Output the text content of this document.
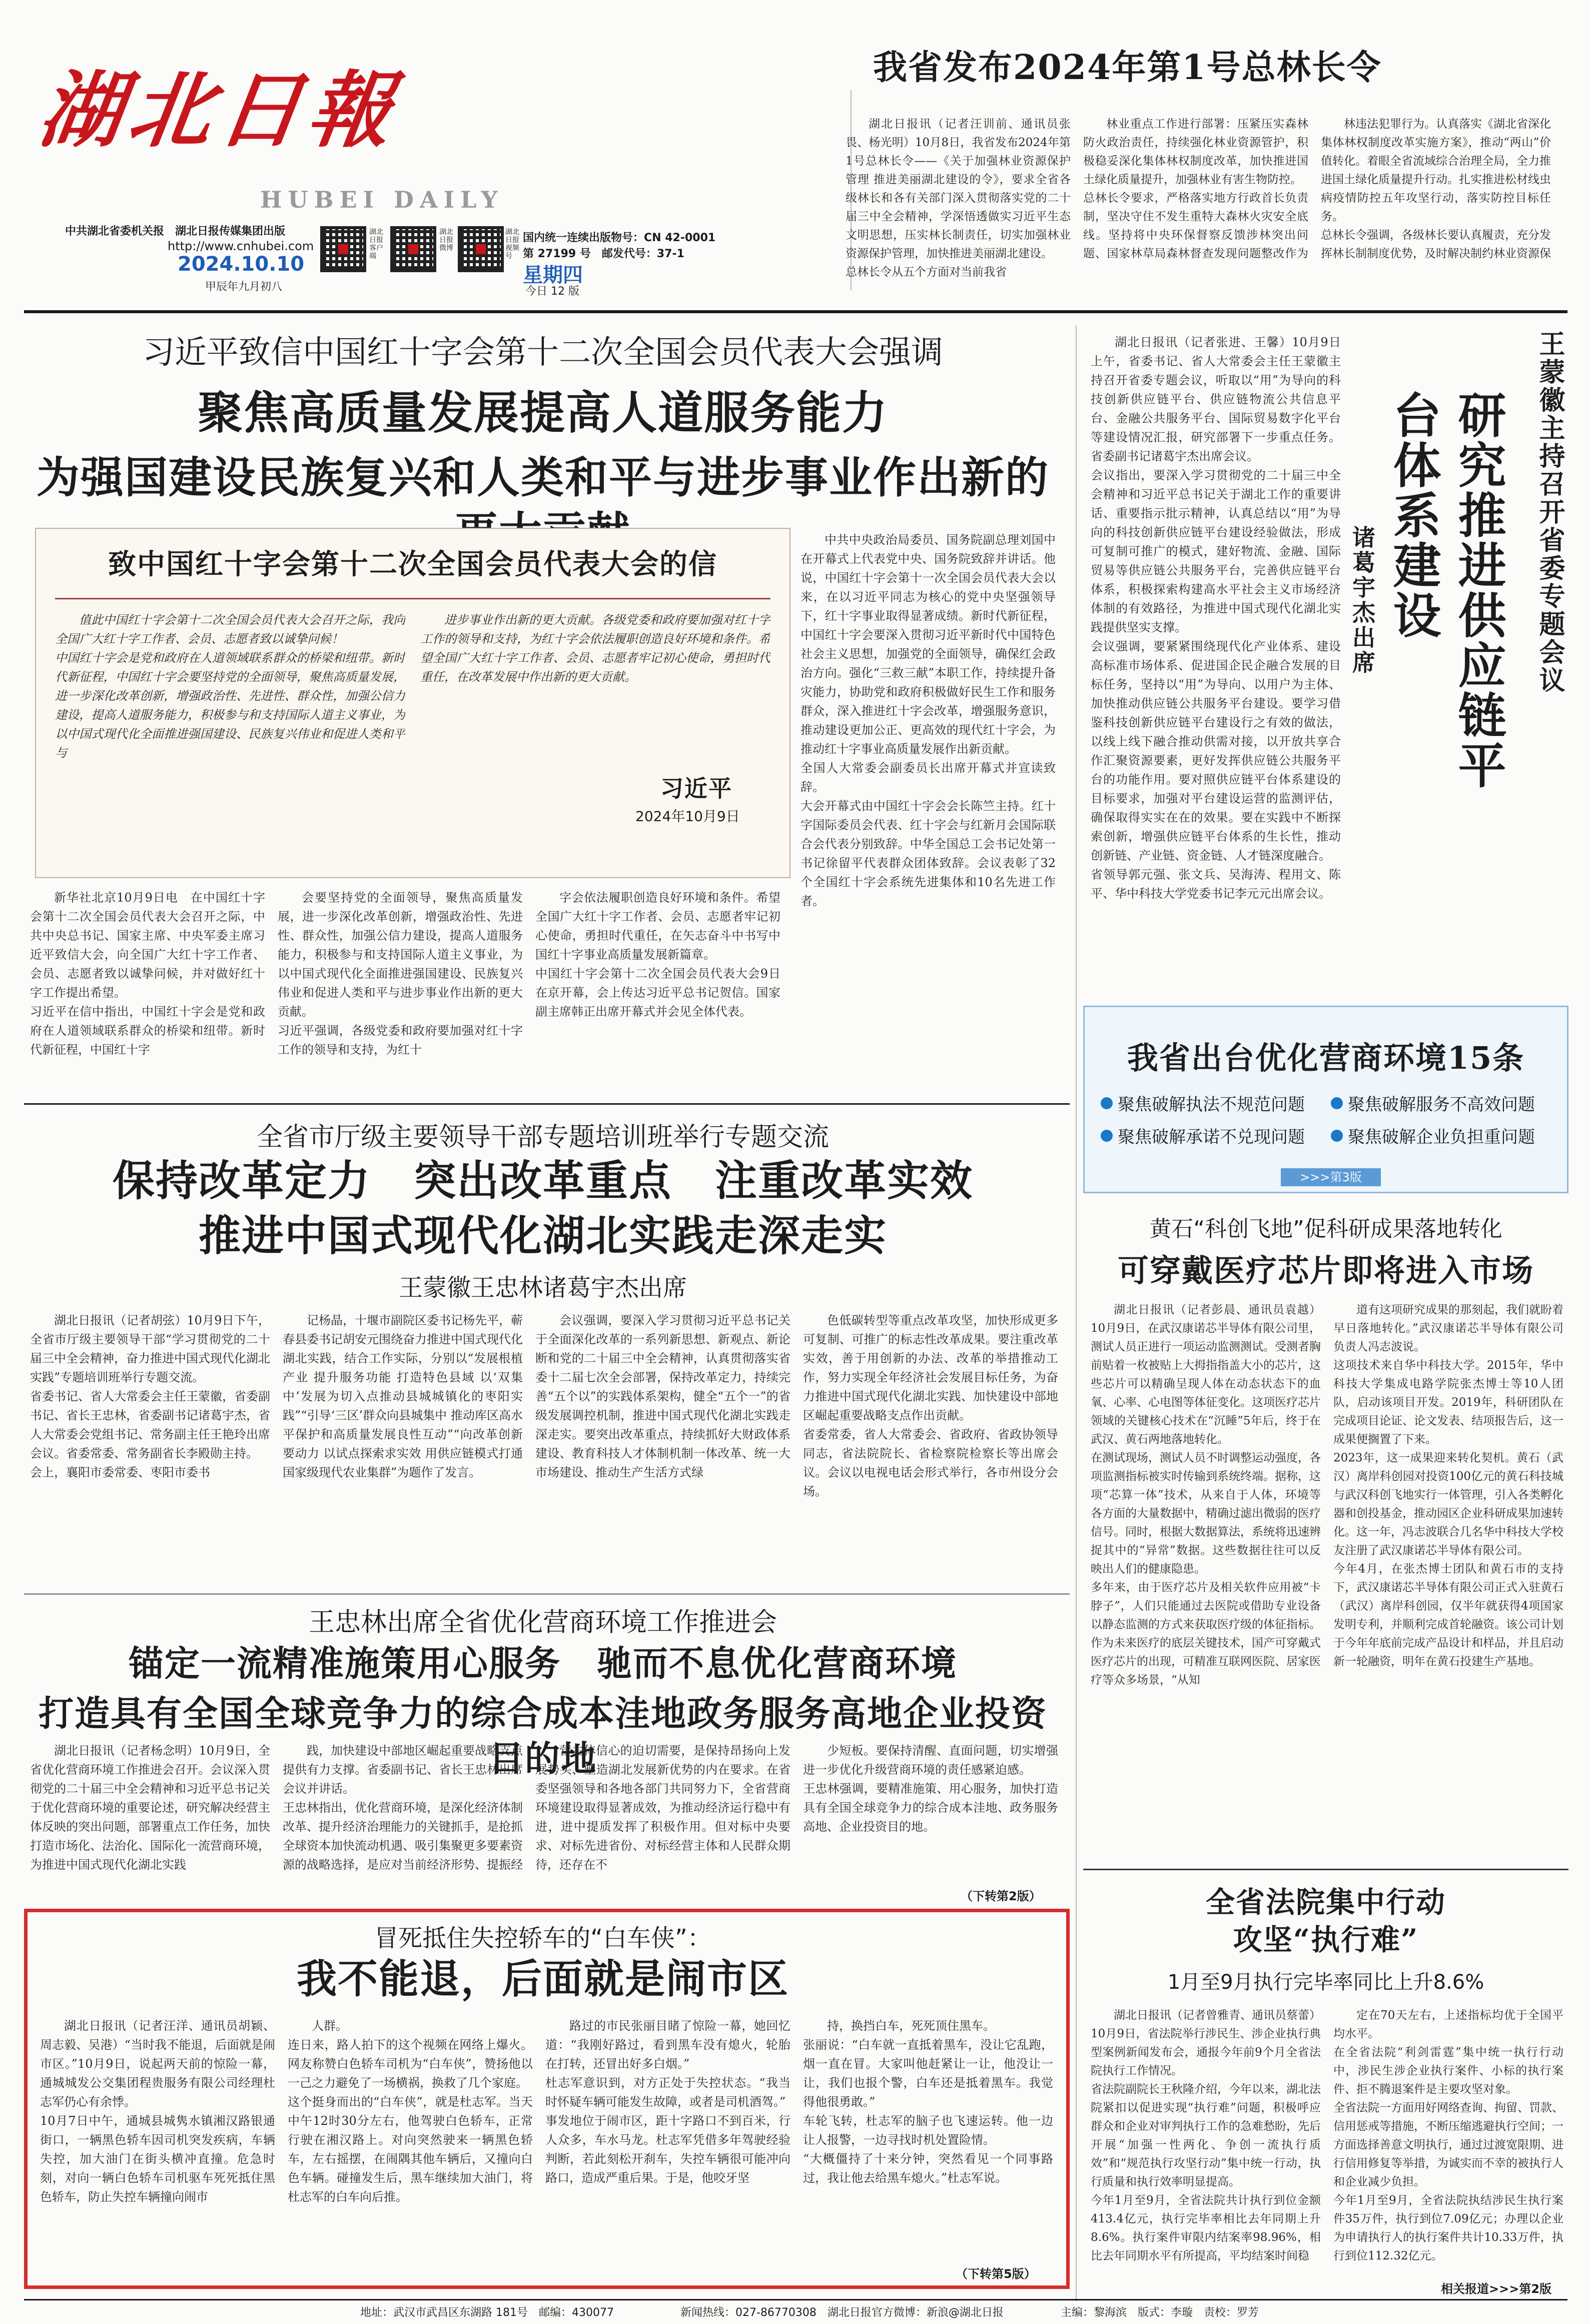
湖北日報
HUBEI DAILY
中共湖北省委机关报　湖北日报传媒集团出版
http://www.cnhubei.com
2024.10.10
甲辰年九月初八
湖北日报客户端
湖北日报微博
湖北日报视频号
国内统一连续出版物号：CN 42-0001
第 27199 号　邮发代号：37-1
星期四
今日 12 版
我省发布2024年第1号总林长令

湖北日报讯（记者汪训前、通讯员张畏、杨光明）10月8日，我省发布2024年第1号总林长令——《关于加强林业资源保护管理 推进美丽湖北建设的令》，要求全省各级林长和各有关部门深入贯彻落实党的二十届三中全会精神，学深悟透做实习近平生态文明思想，压实林长制责任，切实加强林业资源保护管理，加快推进美丽湖北建设。
总林长令从五个方面对当前我省

林业重点工作进行部署：压紧压实森林防火政治责任，持续强化林业资源管护，积极稳妥深化集体林权制度改革，加快推进国土绿化质量提升，加强林业有害生物防控。
总林长令要求，严格落实地方行政首长负责制，坚决守住不发生重特大森林火灾安全底线。坚持将中央环保督察反馈涉林突出问题、国家林草局森林督查发现问题整改作为

林违法犯罪行为。认真落实《湖北省深化集体林权制度改革实施方案》，推动“两山”价值转化。着眼全省流域综合治理全局，全力推进国土绿化质量提升行动。扎实推进松材线虫病疫情防控五年攻坚行动，落实防控目标任务。
总林长令强调，各级林长要认真履责，充分发挥林长制制度优势，及时解决制约林业资源保

习近平致信中国红十字会第十二次全国会员代表大会强调
聚焦高质量发展提高人道服务能力
为强国建设民族复兴和人类和平与进步事业作出新的
致中国红十字会第十二次全国会员代表大会的信

值此中国红十字会第十二次全国会员代表大会召开之际，我向全国广大红十字工作者、会员、志愿者致以诚挚问候！
中国红十字会是党和政府在人道领域联系群众的桥梁和纽带。新时代新征程，中国红十字会要坚持党的全面领导，聚焦高质量发展，进一步深化改革创新，增强政治性、先进性、群众性，加强公信力建设，提高人道服务能力，积极参与和支持国际人道主义事业，为以中国式现代化全面推进强国建设、民族复兴伟业和促进人类和平与

进步事业作出新的更大贡献。各级党委和政府要加强对红十字工作的领导和支持，为红十字会依法履职创造良好环境和条件。希望全国广大红十字工作者、会员、志愿者牢记初心使命，勇担时代重任，在改革发展中作出新的更大贡献。

习近平
2024年10月9日

新华社北京10月9日电　在中国红十字会第十二次全国会员代表大会召开之际，中共中央总书记、国家主席、中央军委主席习近平致信大会，向全国广大红十字工作者、会员、志愿者致以诚挚问候，并对做好红十字工作提出希望。
习近平在信中指出，中国红十字会是党和政府在人道领域联系群众的桥梁和纽带。新时代新征程，中国红十字

会要坚持党的全面领导，聚焦高质量发展，进一步深化改革创新，增强政治性、先进性、群众性，加强公信力建设，提高人道服务能力，积极参与和支持国际人道主义事业，为以中国式现代化全面推进强国建设、民族复兴伟业和促进人类和平与进步事业作出新的更大贡献。
习近平强调，各级党委和政府要加强对红十字工作的领导和支持，为红十

字会依法履职创造良好环境和条件。希望全国广大红十字工作者、会员、志愿者牢记初心使命，勇担时代重任，在矢志奋斗中书写中国红十字事业高质量发展新篇章。
中国红十字会第十二次全国会员代表大会9日在京开幕，会上传达习近平总书记贺信。国家副主席韩正出席开幕式并会见全体代表。

中共中央政治局委员、国务院副总理刘国中在开幕式上代表党中央、国务院致辞并讲话。他说，中国红十字会第十一次全国会员代表大会以来，在以习近平同志为核心的党中央坚强领导下，红十字事业取得显著成绩。新时代新征程，中国红十字会要深入贯彻习近平新时代中国特色社会主义思想，加强党的全面领导，确保红会政治方向。强化“三救三献”本职工作，持续提升备灾能力，协助党和政府积极做好民生工作和服务群众，深入推进红十字会改革，增强服务意识，推动建设更加公正、更高效的现代红十字会，为推动红十字事业高质量发展作出新贡献。
全国人大常委会副委员长出席开幕式并宣读致辞。
大会开幕式由中国红十字会会长陈竺主持。红十字国际委员会代表、红十字会与红新月会国际联合会代表分别致辞。中华全国总工会书记处第一书记徐留平代表群众团体致辞。会议表彰了32个全国红十字会系统先进集体和10名先进工作者。

王蒙徽主持召开省委专题会议
研究推进供应链平台体系建设
诸葛宇杰出席

湖北日报讯（记者张进、王馨）10月9日上午，省委书记、省人大常委会主任王蒙徽主持召开省委专题会议，听取以“用”为导向的科技创新供应链平台、供应链物流公共信息平台、金融公共服务平台、国际贸易数字化平台等建设情况汇报，研究部署下一步重点任务。省委副书记诸葛宇杰出席会议。
会议指出，要深入学习贯彻党的二十届三中全会精神和习近平总书记关于湖北工作的重要讲话、重要指示批示精神，认真总结以“用”为导向的科技创新供应链平台建设经验做法，形成可复制可推广的模式，建好物流、金融、国际贸易等供应链公共服务平台，完善供应链平台体系，积极探索构建高水平社会主义市场经济体制的有效路径，为推进中国式现代化湖北实践提供坚实支撑。
会议强调，要紧紧围绕现代化产业体系、建设高标准市场体系、促进国企民企融合发展的目标任务，坚持以“用”为导向、以用户为主体、加快推动供应链公共服务平台建设。要学习借鉴科技创新供应链平台建设行之有效的做法，以线上线下融合推动供需对接，以开放共享合作汇聚资源要素，更好发挥供应链公共服务平台的功能作用。要对照供应链平台体系建设的目标要求，加强对平台建设运营的监测评估，确保取得实实在在的效果。要在实践中不断探索创新，增强供应链平台体系的生长性，推动创新链、产业链、资金链、人才链深度融合。
省领导郭元强、张文兵、吴海涛、程用文、陈平、华中科技大学党委书记李元元出席会议。

我省出台优化营商环境15条
聚焦破解执法不规范问题	聚焦破解服务不高效问题
聚焦破解承诺不兑现问题	聚焦破解企业负担重问题
>>>第3版
黄石“科创飞地”促科研成果落地转化
可穿戴医疗芯片即将进入市场

湖北日报讯（记者彭晨、通讯员袁越）10月9日，在武汉康诺芯半导体有限公司里，测试人员正进行一项运动监测测试。受测者胸前贴着一枚被贴上大拇指指盖大小的芯片，这些芯片可以精确呈现人体在动态状态下的血氧、心率、心电图等体征变化。这项医疗芯片领域的关键核心技术在“沉睡”5年后，终于在武汉、黄石两地落地转化。
在测试现场，测试人员不时调整运动强度，各项监测指标被实时传输到系统终端。据称，这项“芯算一体”技术，从来自于人体，环境等各方面的大量数据中，精确过滤出微弱的医疗信号。同时，根据大数据算法，系统将迅速辨捉其中的“异常”数据。这些数据往往可以反映出人们的健康隐患。
多年来，由于医疗芯片及相关软件应用被“卡脖子”，人们只能通过去医院或借助专业设备以静态监测的方式来获取医疗级的体征指标。作为未来医疗的底层关键技术，国产可穿戴式医疗芯片的出现，可精准互联网医院、居家医疗等众多场景，“从知

道有这项研究成果的那刻起，我们就盼着早日落地转化。”武汉康诺芯半导体有限公司负责人冯志波说。
这项技术来自华中科技大学。2015年，华中科技大学集成电路学院张杰博士等10人团队，启动该项目开发。2019年，科研团队在完成项目论证、论文发表、结项报告后，这一成果便搁置了下来。
2023年，这一成果迎来转化契机。黄石（武汉）离岸科创园对投资100亿元的黄石科技城与武汉科创飞地实行一体管理，引入各类孵化器和创投基金，推动园区企业科研成果加速转化。这一年，冯志波联合几名华中科技大学校友注册了武汉康诺芯半导体有限公司。
今年4月，在张杰博士团队和黄石市的支持下，武汉康诺芯半导体有限公司正式入驻黄石（武汉）离岸科创园，仅半年就获得4项国家发明专利，并顺利完成首轮融资。该公司计划于今年年底前完成产品设计和样品，并且启动新一轮融资，明年在黄石投建生产基地。

全省法院集中行动
攻坚“执行难”
1月至9月执行完毕率同比上升8.6%

湖北日报讯（记者曾雅青、通讯员蔡蕾）10月9日，省法院举行涉民生、涉企业执行典型案例新闻发布会，通报今年前9个月全省法院执行工作情况。
省法院副院长王秋隆介绍，今年以来，湖北法院紧扣以促进实现“执行难”问题，积极呼应群众和企业对审判执行工作的急难愁盼，先后开展“加强一性两化、争创一流执行质效”和“规范执行攻坚行动”集中统一行动，执行质量和执行效率明显提高。
今年1月至9月，全省法院共计执行到位金额413.4亿元，执行完毕率相比去年同期上升8.6%。执行案件审限内结案率98.96%，相比去年同期水平有所提高，平均结案时间稳

定在70天左右，上述指标均优于全国平均水平。
在全省法院“利剑雷霆”集中统一执行行动中，涉民生涉企业执行案件、小标的执行案件、拒不腾退案件是主要攻坚对象。
全省法院一方面用好网络查询、拘留、罚款、信用惩戒等措施，不断压缩逃避执行空间；一方面选择善意文明执行，通过过渡宽限期、进行信用修复等举措，为诚实而不幸的被执行人和企业减少负担。
今年1月至9月，全省法院执结涉民生执行案件35万件，执行到位7.09亿元；办理以企业为申请执行人的执行案件共计10.33万件，执行到位112.32亿元。

相关报道>>>第2版
全省市厅级主要领导干部专题培训班举行专题交流
保持改革定力　突出改革重点　注重改革实效
推进中国式现代化湖北实践走深走实
王蒙徽王忠林诸葛宇杰出席

湖北日报讯（记者胡弦）10月9日下午，全省市厅级主要领导干部“学习贯彻党的二十届三中全会精神，奋力推进中国式现代化湖北实践”专题培训班举行专题交流。
省委书记、省人大常委会主任王蒙徽，省委副书记、省长王忠林，省委副书记诸葛宇杰，省人大常委会党组书记、常务副主任王艳玲出席会议。省委常委、常务副省长李殿勋主持。
会上，襄阳市委常委、枣阳市委书

记杨晶，十堰市副院区委书记杨先平，蕲春县委书记胡安元围绕奋力推进中国式现代化湖北实践，结合工作实际，分别以“发展根植产业 提升服务功能 打造特色县域 以‘双集中’发展为切入点推动县城城镇化的枣阳实践”“引导‘三区’群众向县城集中 推动库区高水平保护和高质量发展良性互动”“向改革创新要动力 以试点探索求实效 用供应链模式打通国家级现代农业集群”为题作了发言。

会议强调，要深入学习贯彻习近平总书记关于全面深化改革的一系列新思想、新观点、新论断和党的二十届三中全会精神，认真贯彻落实省委十二届七次全会部署，保持改革定力，持续完善“五个以”的实践体系架构，健全“五个一”的省级发展调控机制，推进中国式现代化湖北实践走深走实。要突出改革重点，持续抓好大财政体系建设、教育科技人才体制机制一体改革、统一大市场建设、推动生产生活方式绿

色低碳转型等重点改革攻坚，加快形成更多可复制、可推广的标志性改革成果。要注重改革实效，善于用创新的办法、改革的举措推动工作，努力实现全年经济社会发展目标任务，为奋力推进中国式现代化湖北实践、加快建设中部地区崛起重要战略支点作出贡献。
省委常委，省人大常委会、省政府、省政协领导同志，省法院院长、省检察院检察长等出席会议。会议以电视电话会形式举行，各市州设分会场。

王忠林出席全省优化营商环境工作推进会
锚定一流精准施策用心服务　驰而不息优化营商环境
打造具有全国全球竞争力的综合成本洼地政务服务高地企业投资目的地

湖北日报讯（记者杨念明）10月9日，全省优化营商环境工作推进会召开。会议深入贯彻党的二十届三中全会精神和习近平总书记关于优化营商环境的重要论述，研究解决经营主体反映的突出问题，部署重点工作任务，加快打造市场化、法治化、国际化一流营商环境，为推进中国式现代化湖北实践

践，加快建设中部地区崛起重要战略支点提供有力支撑。省委副书记、省长王忠林出席会议并讲话。
王忠林指出，优化营商环境，是深化经济体制改革、提升经济治理能力的关键抓手，是抢抓全球资本加快流动机遇、吸引集聚更多要素资源的战略选择，是应对当前经济形势、提振经

营主体信心的迫切需要，是保持昂扬向上发展势头、塑造湖北发展新优势的内在要求。在省委坚强领导和各地各部门共同努力下，全省营商环境建设取得显著成效，为推动经济运行稳中有进，进中提质发挥了积极作用。但对标中央要求、对标先进省份、对标经营主体和人民群众期待，还存在不

少短板。要保持清醒、直面问题，切实增强进一步优化升级营商环境的责任感紧迫感。
王忠林强调，要精准施策、用心服务，加快打造具有全国全球竞争力的综合成本洼地、政务服务高地、企业投资目的地。

（下转第2版）
冒死抵住失控轿车的“白车侠”：
我不能退，后面就是闹市区

湖北日报讯（记者汪洋、通讯员胡颖、周志毅、吴港）“当时我不能退，后面就是闹市区。”10月9日，说起两天前的惊险一幕，通城城发公交集团程贵服务有限公司经理杜志军仍心有余悸。
10月7日中午，通城县城隽水镇湘汉路银通街口，一辆黑色轿车因司机突发疾病，车辆失控，加大油门在街头横冲直撞。危急时刻，对向一辆白色轿车司机驱车死死抵住黑色轿车，防止失控车辆撞向闹市

人群。
连日来，路人拍下的这个视频在网络上爆火。网友称赞白色轿车司机为“白车侠”，赞扬他以一己之力避免了一场横祸，换救了几个家庭。
这个挺身而出的“白车侠”，就是杜志军。当天中午12时30分左右，他驾驶白色轿车，正常行驶在湘汉路上。对向突然驶来一辆黑色轿车，左右摇摆，在闹隅其他车辆后，又撞向白色车辆。碰撞发生后，黑车继续加大油门，将杜志军的白车向后推。

路过的市民张丽目睹了惊险一幕，她回忆道：“我刚好路过，看到黑车没有熄火，轮胎在打转，还冒出好多白烟。”
杜志军意识到，对方正处于失控状态。“我当时怀疑车辆可能发生故障，或者是司机酒驾。”
事发地位于闹市区，距十字路口不到百米，行人众多，车水马龙。杜志军凭借多年驾驶经验判断，若此刻松开刹车，失控车辆很可能冲向路口，造成严重后果。于是，他咬牙坚

持，换挡白车，死死顶住黑车。
张丽说：“白车就一直抵着黑车，没让它乱跑，烟一直在冒。大家叫他赶紧让一让，他没让一让，我们也报个警，白车还是抵着黑车。我觉得他很勇敢。”
车轮飞转，杜志军的脑子也飞速运转。他一边让人报警，一边寻找时机处置险情。
“大概僵持了十来分钟，突然看见一个同事路过，我让他去给黑车熄火。”杜志军说。

（下转第5版）
地址：武汉市武昌区东湖路 181号　邮编：430077	新闻热线：027-86770308　湖北日报官方微博：新浪@湖北日报	主编：黎海滨　版式：李璇　责校：罗芳
